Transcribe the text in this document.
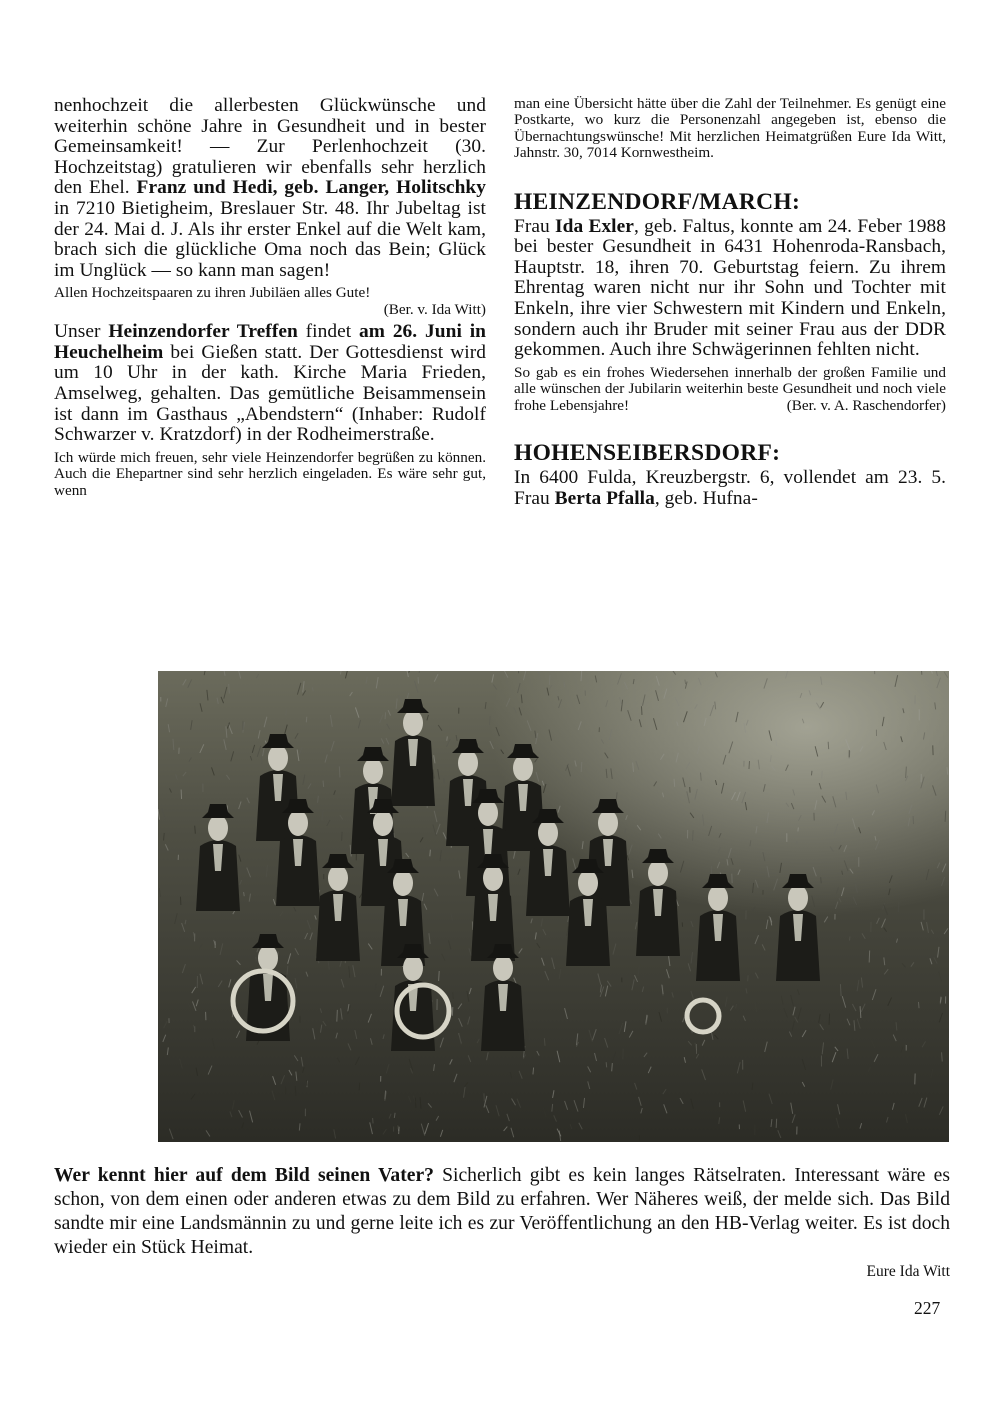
nenhochzeit die allerbesten Glückwünsche und weiterhin schöne Jahre in Gesundheit und in bester Gemeinsamkeit! — Zur Perlenhochzeit (30. Hochzeitstag) gratulieren wir ebenfalls sehr herzlich den Ehel. Franz und Hedi, geb. Langer, Holitschky in 7210 Bietigheim, Breslauer Str. 48. Ihr Jubeltag ist der 24. Mai d. J. Als ihr erster Enkel auf die Welt kam, brach sich die glückliche Oma noch das Bein; Glück im Unglück — so kann man sagen!

Allen Hochzeitspaaren zu ihren Jubiläen alles Gute!

(Ber. v. Ida Witt)

Unser Heinzendorfer Treffen findet am 26. Juni in Heuchelheim bei Gießen statt. Der Gottesdienst wird um 10 Uhr in der kath. Kirche Maria Frieden, Amselweg, gehalten. Das gemütliche Beisammensein ist dann im Gasthaus „Abendstern“ (Inhaber: Rudolf Schwarzer v. Kratzdorf) in der Rodheimerstraße.

Ich würde mich freuen, sehr viele Heinzendorfer begrüßen zu können. Auch die Ehepartner sind sehr herzlich eingeladen. Es wäre sehr gut, wenn

man eine Übersicht hätte über die Zahl der Teilnehmer. Es genügt eine Postkarte, wo kurz die Personenzahl angegeben ist, ebenso die Übernachtungswünsche! Mit herzlichen Heimatgrüßen Eure Ida Witt, Jahnstr. 30, 7014 Kornwestheim.

HEINZENDORF/MARCH:

Frau Ida Exler, geb. Faltus, konnte am 24. Feber 1988 bei bester Gesundheit in 6431 Hohenroda-Ransbach, Hauptstr. 18, ihren 70. Geburtstag feiern. Zu ihrem Ehrentag waren nicht nur ihr Sohn und Tochter mit Enkeln, ihre vier Schwestern mit Kindern und Enkeln, sondern auch ihr Bruder mit seiner Frau aus der DDR gekommen. Auch ihre Schwägerinnen fehlten nicht.

So gab es ein frohes Wiedersehen innerhalb der großen Familie und alle wünschen der Jubilarin weiterhin beste Gesundheit und noch viele frohe Lebensjahre!	(Ber. v. A. Raschendorfer)

HOHENSEIBERSDORF:

In 6400 Fulda, Kreuzbergstr. 6, vollendet am 23. 5. Frau Berta Pfalla, geb. Hufna-

Wer kennt hier auf dem Bild seinen Vater? Sicherlich gibt es kein langes Rätselraten. Interessant wäre es schon, von dem einen oder anderen etwas zu dem Bild zu erfahren. Wer Näheres weiß, der melde sich. Das Bild sandte mir eine Landsmännin zu und gerne leite ich es zur Veröffentlichung an den HB-Verlag weiter. Es ist doch wieder ein Stück Heimat.

Eure Ida Witt
227
